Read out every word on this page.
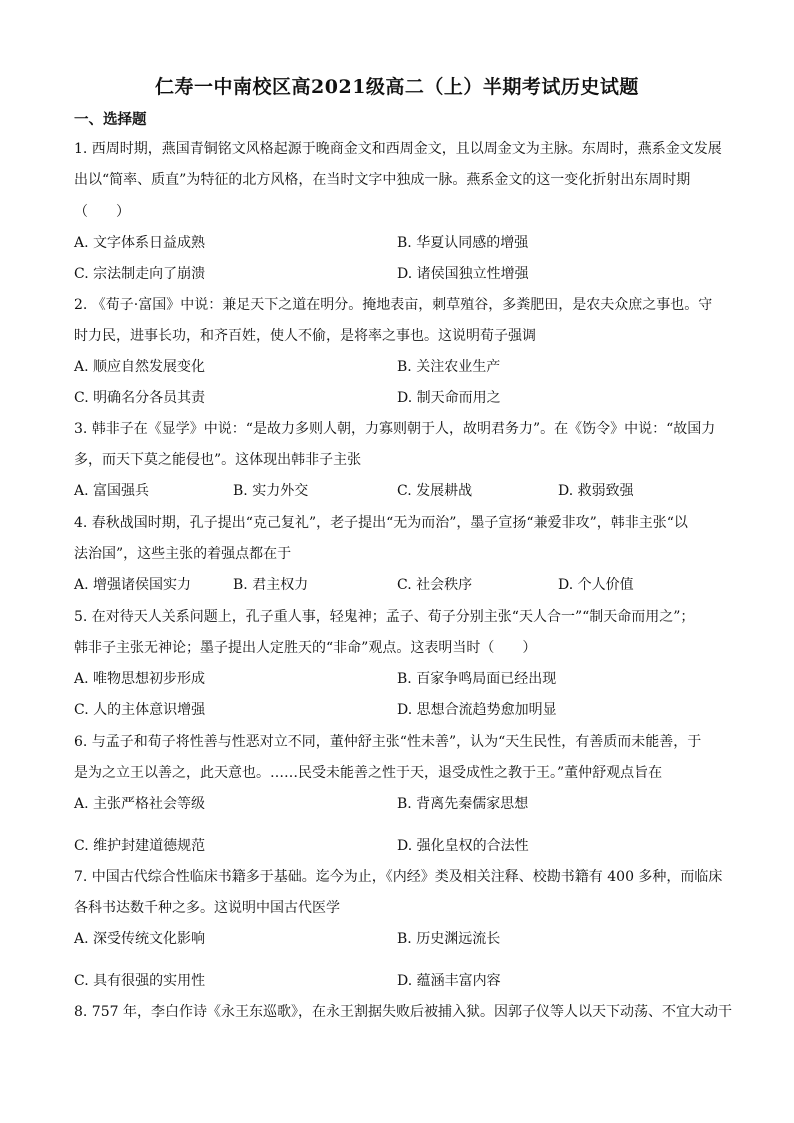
仁寿一中南校区高2021级高二（上）半期考试历史试题
一、选择题
1. 西周时期，燕国青铜铭文风格起源于晚商金文和西周金文，且以周金文为主脉。东周时，燕系金文发展
出以“简率、质直”为特征的北方风格，在当时文字中独成一脉。燕系金文的这一变化折射出东周时期
（　　）
A. 文字体系日益成熟	B. 华夏认同感的增强
C. 宗法制走向了崩溃	D. 诸侯国独立性增强
2. 《荀子·富国》中说：兼足天下之道在明分。掩地表亩，刺草殖谷，多粪肥田，是农夫众庶之事也。守
时力民，进事长功，和齐百姓，使人不偷，是将率之事也。这说明荀子强调
A. 顺应自然发展变化	B. 关注农业生产
C. 明确名分各员其责	D. 制天命而用之
3. 韩非子在《显学》中说：“是故力多则人朝，力寡则朝于人，故明君务力”。在《饬令》中说：“故国力
多，而天下莫之能侵也”。这体现出韩非子主张
A. 富国强兵	B. 实力外交	C. 发展耕战	D. 救弱致强
4. 春秋战国时期，孔子提出“克己复礼”，老子提出“无为而治”，墨子宣扬“兼爱非攻”，韩非主张“以
法治国”，这些主张的着强点都在于
A. 增强诸侯国实力	B. 君主权力	C. 社会秩序	D. 个人价值
5. 在对待天人关系问题上，孔子重人事，轻鬼神；孟子、荀子分别主张“天人合一”“制天命而用之”；
韩非子主张无神论；墨子提出人定胜天的“非命”观点。这表明当时（　　）
A. 唯物思想初步形成	B. 百家争鸣局面已经出现
C. 人的主体意识增强	D. 思想合流趋势愈加明显
6. 与孟子和荀子将性善与性恶对立不同，董仲舒主张“性未善”，认为“天生民性，有善质而未能善，于
是为之立王以善之，此天意也。……民受未能善之性于天，退受成性之教于王。”董仲舒观点旨在
A. 主张严格社会等级	B. 背离先秦儒家思想
C. 维护封建道德规范	D. 强化皇权的合法性
7. 中国古代综合性临床书籍多于基础。迄今为止，《内经》类及相关注释、校勘书籍有 400 多种，而临床
各科书达数千种之多。这说明中国古代医学
A. 深受传统文化影响	B. 历史渊远流长
C. 具有很强的实用性	D. 蕴涵丰富内容
8. 757 年，李白作诗《永王东巡歌》，在永王割据失败后被捕入狱。因郭子仪等人以天下动荡、不宜大动干
